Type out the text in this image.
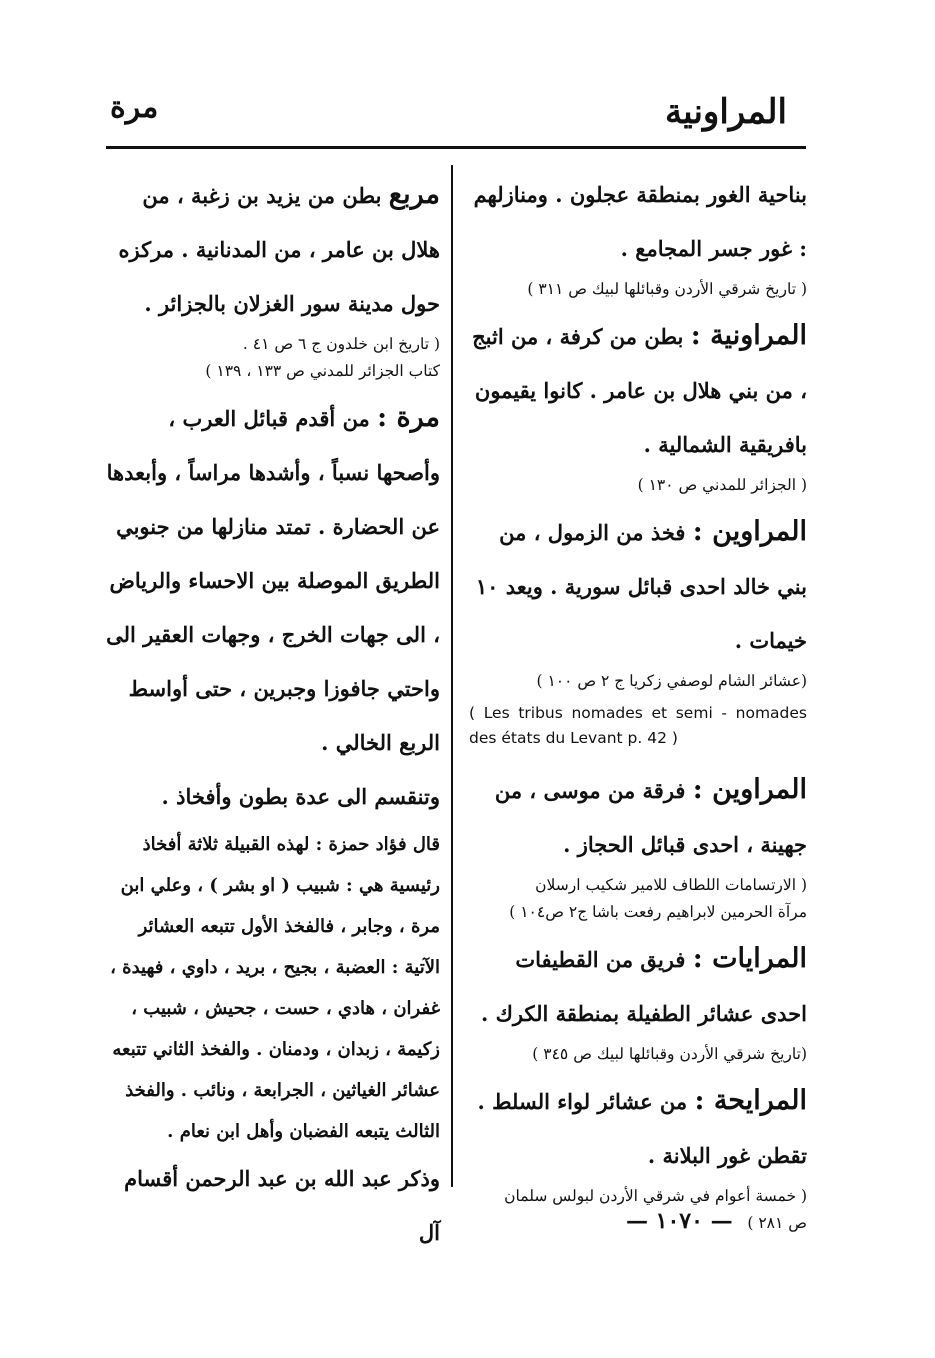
المراونية
مرة

بناحية الغور بمنطقة عجلون . ومنازلهم : غور جسر المجامع .

( تاريخ شرقي الأردن وقبائلها لبيك ص ٣١١ )

المراونية : بطن من كرفة ، من اثبج ، من بني هلال بن عامر . كانوا يقيمون بافريقية الشمالية .

( الجزائر للمدني ص ١٣٠ )

المراوين : فخذ من الزمول ، من بني خالد احدى قبائل سورية . ويعد ١٠ خيمات .

(عشائر الشام لوصفي زكريا ج ٢ ص ١٠٠ )

( Les tribus nomades et semi - nomades des états du Levant p. 42 )

المراوين : فرقة من موسى ، من جهينة ، احدى قبائل الحجاز .

( الارتسامات اللطاف للامير شكيب ارسلان
مرآة الحرمين لابراهيم رفعت باشا ج٢ ص١٠٤ )

المرايات : فريق من القطيفات احدى عشائر الطفيلة بمنطقة الكرك .

(تاريخ شرقي الأردن وقبائلها لبيك ص ٣٤٥ )

المرايحة : من عشائر لواء السلط . تقطن غور البلانة .

( خمسة أعوام في شرقي الأردن لبولس سلمان
ص ٢٨١ )

مربع بطن من يزيد بن زغبة ، من هلال بن عامر ، من المدنانية . مركزه حول مدينة سور الغزلان بالجزائر .

( تاريخ ابن خلدون ج ٦ ص ٤١ .
كتاب الجزائر للمدني ص ١٣٣ ، ١٣٩ )

مرة : من أقدم قبائل العرب ، وأصحها نسباً ، وأشدها مراساً ، وأبعدها عن الحضارة . تمتد منازلها من جنوبي الطريق الموصلة بين الاحساء والرياض ، الى جهات الخرج ، وجهات العقير الى واحتي جافوزا وجبرين ، حتى أواسط الربع الخالي .

وتنقسم الى عدة بطون وأفخاذ .

قال فؤاد حمزة : لهذه القبيلة ثلاثة أفخاذ رئيسية هي : شبيب ( او بشر ) ، وعلي ابن مرة ، وجابر ، فالفخذ الأول تتبعه العشائر الآتية : العضبة ، بجيح ، بريد ، داوي ، فهيدة ، غفران ، هادي ، حست ، جحيش ، شبيب ، زكيمة ، زبدان ، ودمنان . والفخذ الثاني تتبعه عشائر الغياثين ، الجرابعة ، ونائب . والفخذ الثالث يتبعه الفضبان وأهل ابن نعام .

وذكر عبد الله بن عبد الرحمن أقسام آل	— ١٠٧٠ —
